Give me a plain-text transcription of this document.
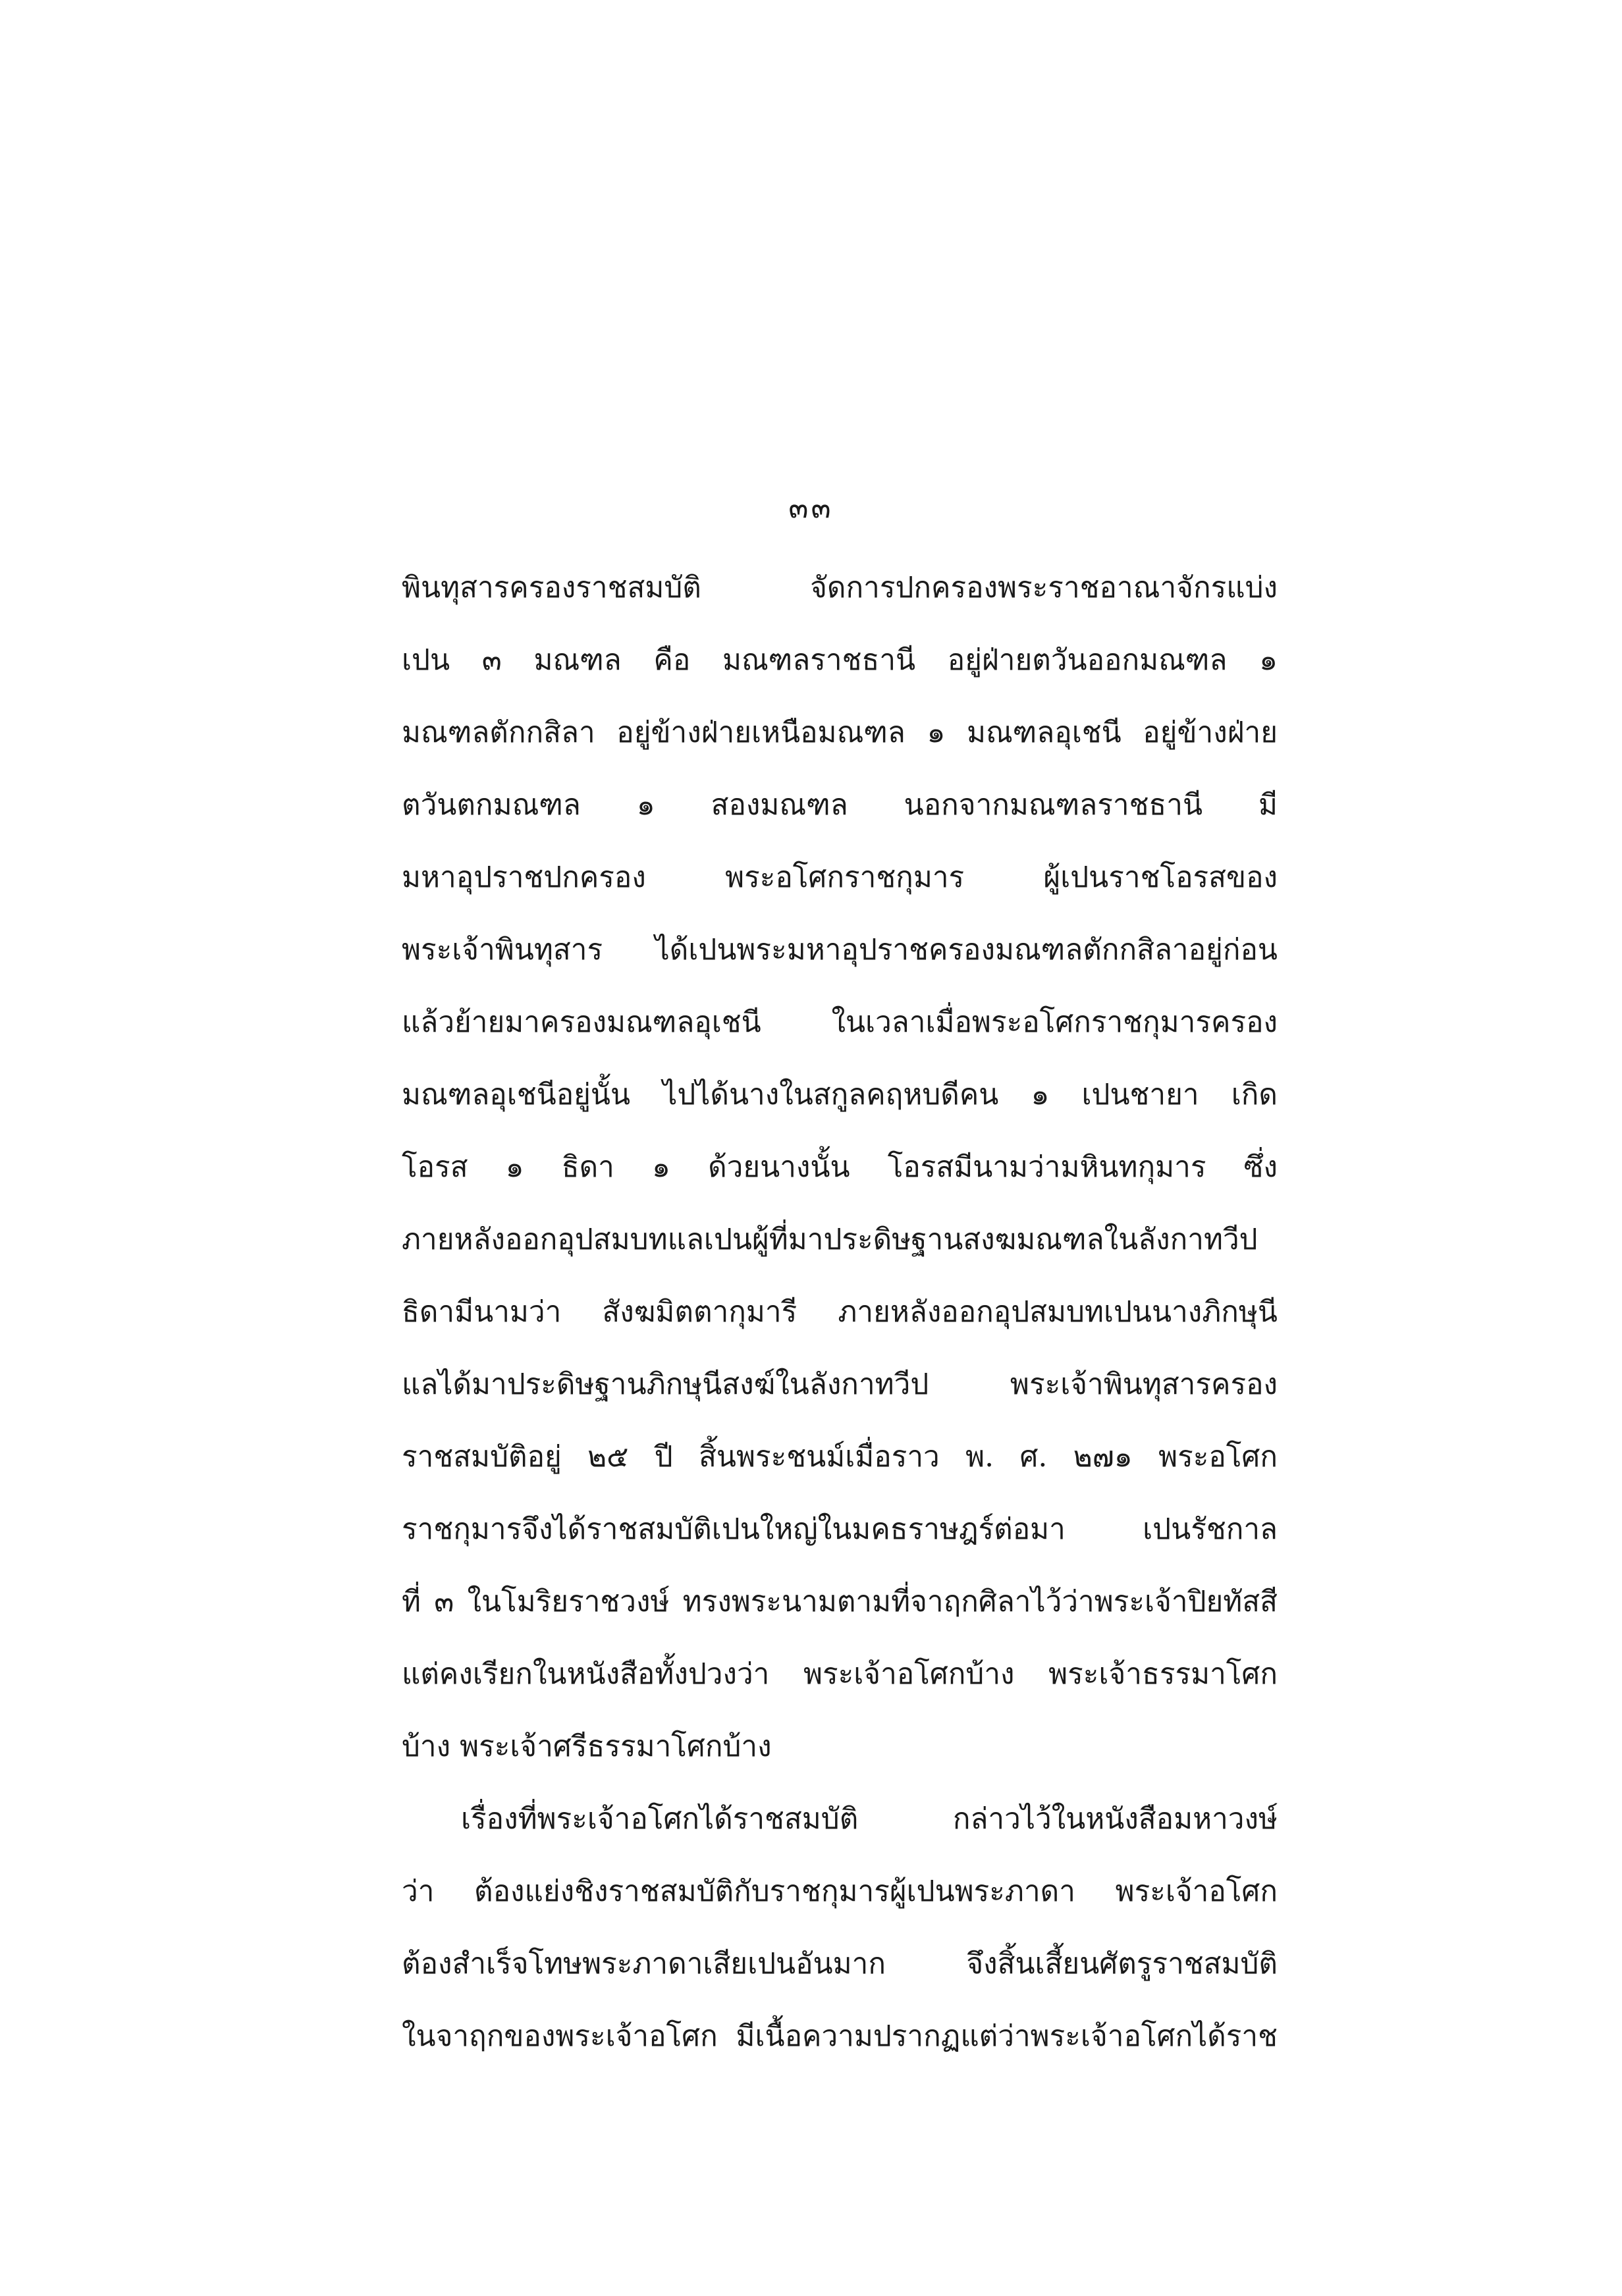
๓๓
พินทุสารครองราชสมบัติ จัดการปกครองพระราชอาณาจักรแบ่ง
เปน ๓ มณฑล คือ มณฑลราชธานี อยู่ฝ่ายตวันออกมณฑล ๑
มณฑลตักกสิลา อยู่ข้างฝ่ายเหนือมณฑล ๑ มณฑลอุเชนี อยู่ข้างฝ่าย
ตวันตกมณฑล ๑ สองมณฑล นอกจากมณฑลราชธานี มี
มหาอุปราชปกครอง พระอโศกราชกุมาร ผู้เปนราชโอรสของ
พระเจ้าพินทุสาร ได้เปนพระมหาอุปราชครองมณฑลตักกสิลาอยู่ก่อน
แล้วย้ายมาครองมณฑลอุเชนี ในเวลาเมื่อพระอโศกราชกุมารครอง
มณฑลอุเชนีอยู่นั้น ไปได้นางในสกูลคฤหบดีคน ๑ เปนชายา เกิด
โอรส ๑ ธิดา ๑ ด้วยนางนั้น โอรสมีนามว่ามหินทกุมาร ซึ่ง
ภายหลังออกอุปสมบทแลเปนผู้ที่มาประดิษฐานสงฆมณฑลในลังกาทวีป
ธิดามีนามว่า สังฆมิตตากุมารี ภายหลังออกอุปสมบทเปนนางภิกษุนี
แลได้มาประดิษฐานภิกษุนีสงฆ์ในลังกาทวีป พระเจ้าพินทุสารครอง
ราชสมบัติอยู่ ๒๕ ปี สิ้นพระชนม์เมื่อราว พ. ศ. ๒๗๑ พระอโศก
ราชกุมารจึงได้ราชสมบัติเปนใหญ่ในมคธราษฎร์ต่อมา เปนรัชกาล
ที่ ๓ ในโมริยราชวงษ์ ทรงพระนามตามที่จาฤกศิลาไว้ว่าพระเจ้าปิยทัสสี
แต่คงเรียกในหนังสือทั้งปวงว่า พระเจ้าอโศกบ้าง พระเจ้าธรรมาโศก
บ้าง พระเจ้าศรีธรรมาโศกบ้าง
เรื่องที่พระเจ้าอโศกได้ราชสมบัติ กล่าวไว้ในหนังสือมหาวงษ์
ว่า ต้องแย่งชิงราชสมบัติกับราชกุมารผู้เปนพระภาดา พระเจ้าอโศก
ต้องสำเร็จโทษพระภาดาเสียเปนอันมาก จึงสิ้นเสี้ยนศัตรูราชสมบัติ
ในจาฤกของพระเจ้าอโศก มีเนื้อความปรากฏแต่ว่าพระเจ้าอโศกได้ราช
